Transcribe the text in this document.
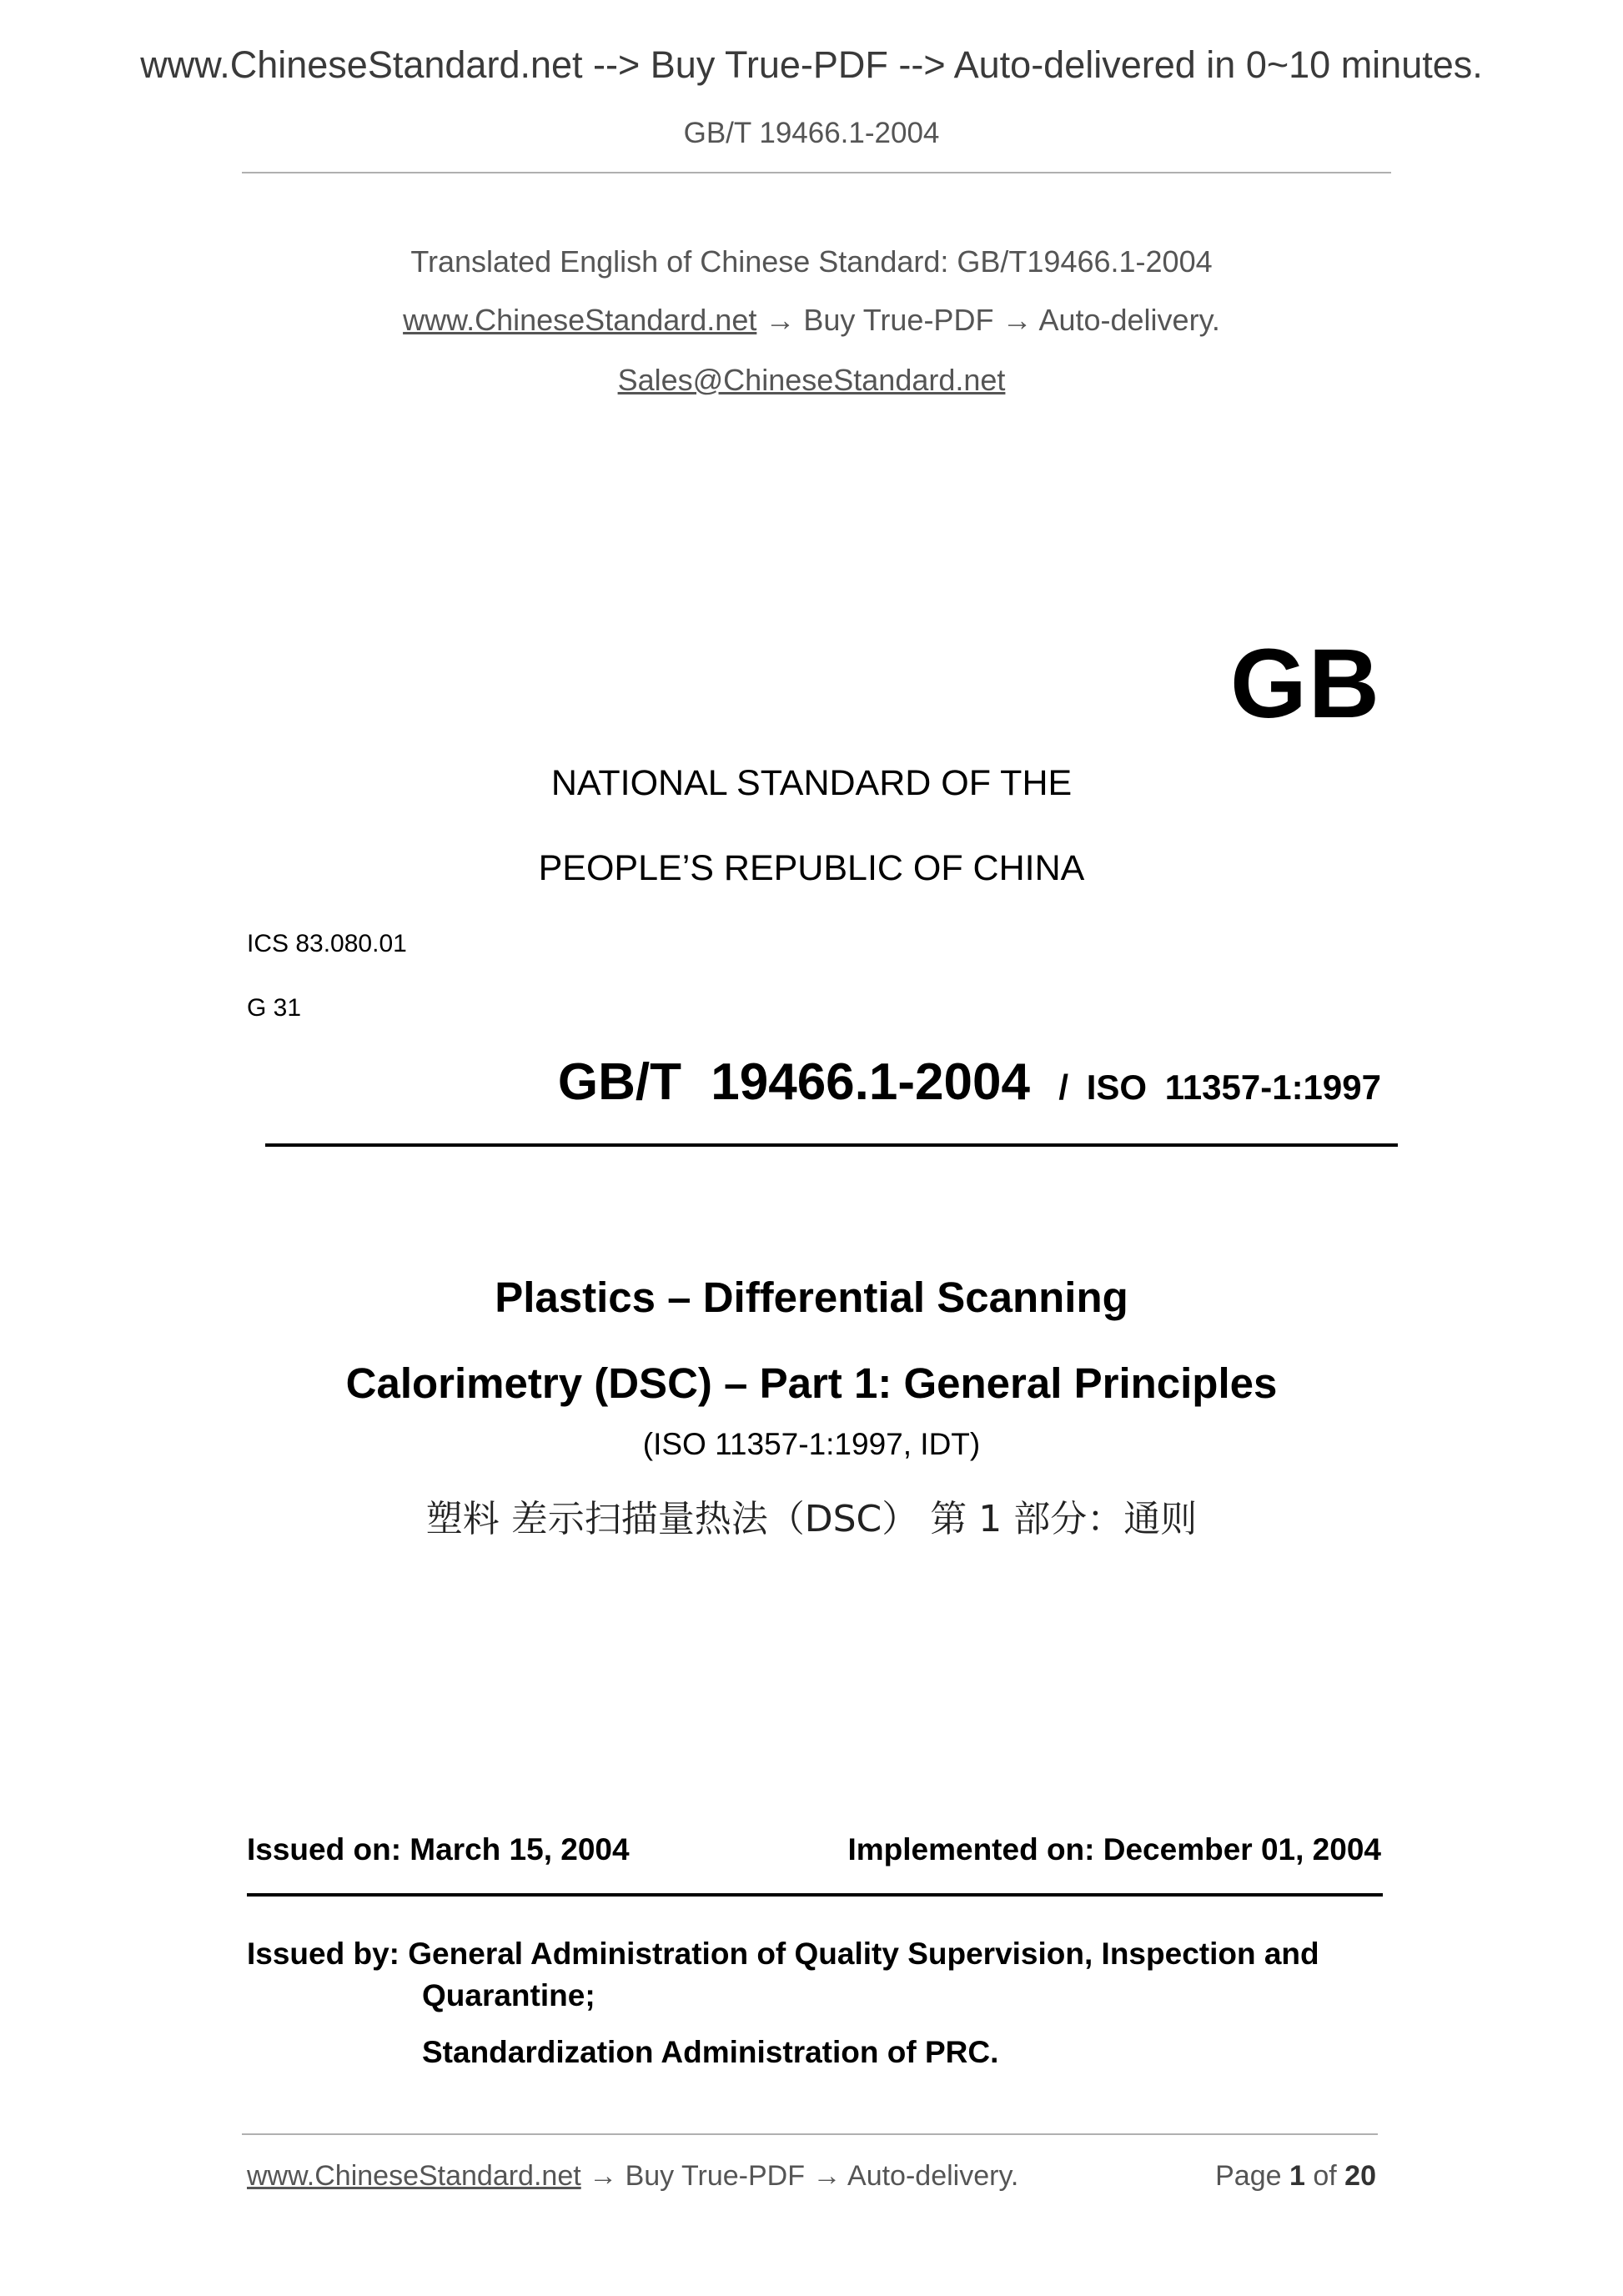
www.ChineseStandard.net --> Buy True-PDF --> Auto-delivered in 0~10 minutes.
GB/T 19466.1-2004
Translated English of Chinese Standard: GB/T19466.1-2004
www.ChineseStandard.net → Buy True-PDF → Auto-delivery.
Sales@ChineseStandard.net
GB
NATIONAL STANDARD OF THE
PEOPLE’S REPUBLIC OF CHINA
ICS 83.080.01
G 31
GB/T 19466.1-2004 / ISO 11357-1:1997
Plastics – Differential Scanning
Calorimetry (DSC) – Part 1: General Principles
(ISO 11357-1:1997, IDT)
塑料 差示扫描量热法（DSC） 第 1 部分：通则
Issued on: March 15, 2004	Implemented on: December 01, 2004
Issued by: General Administration of Quality Supervision, Inspection and
Quarantine;
Standardization Administration of PRC.
www.ChineseStandard.net → Buy True-PDF → Auto-delivery.	Page 1 of 20
